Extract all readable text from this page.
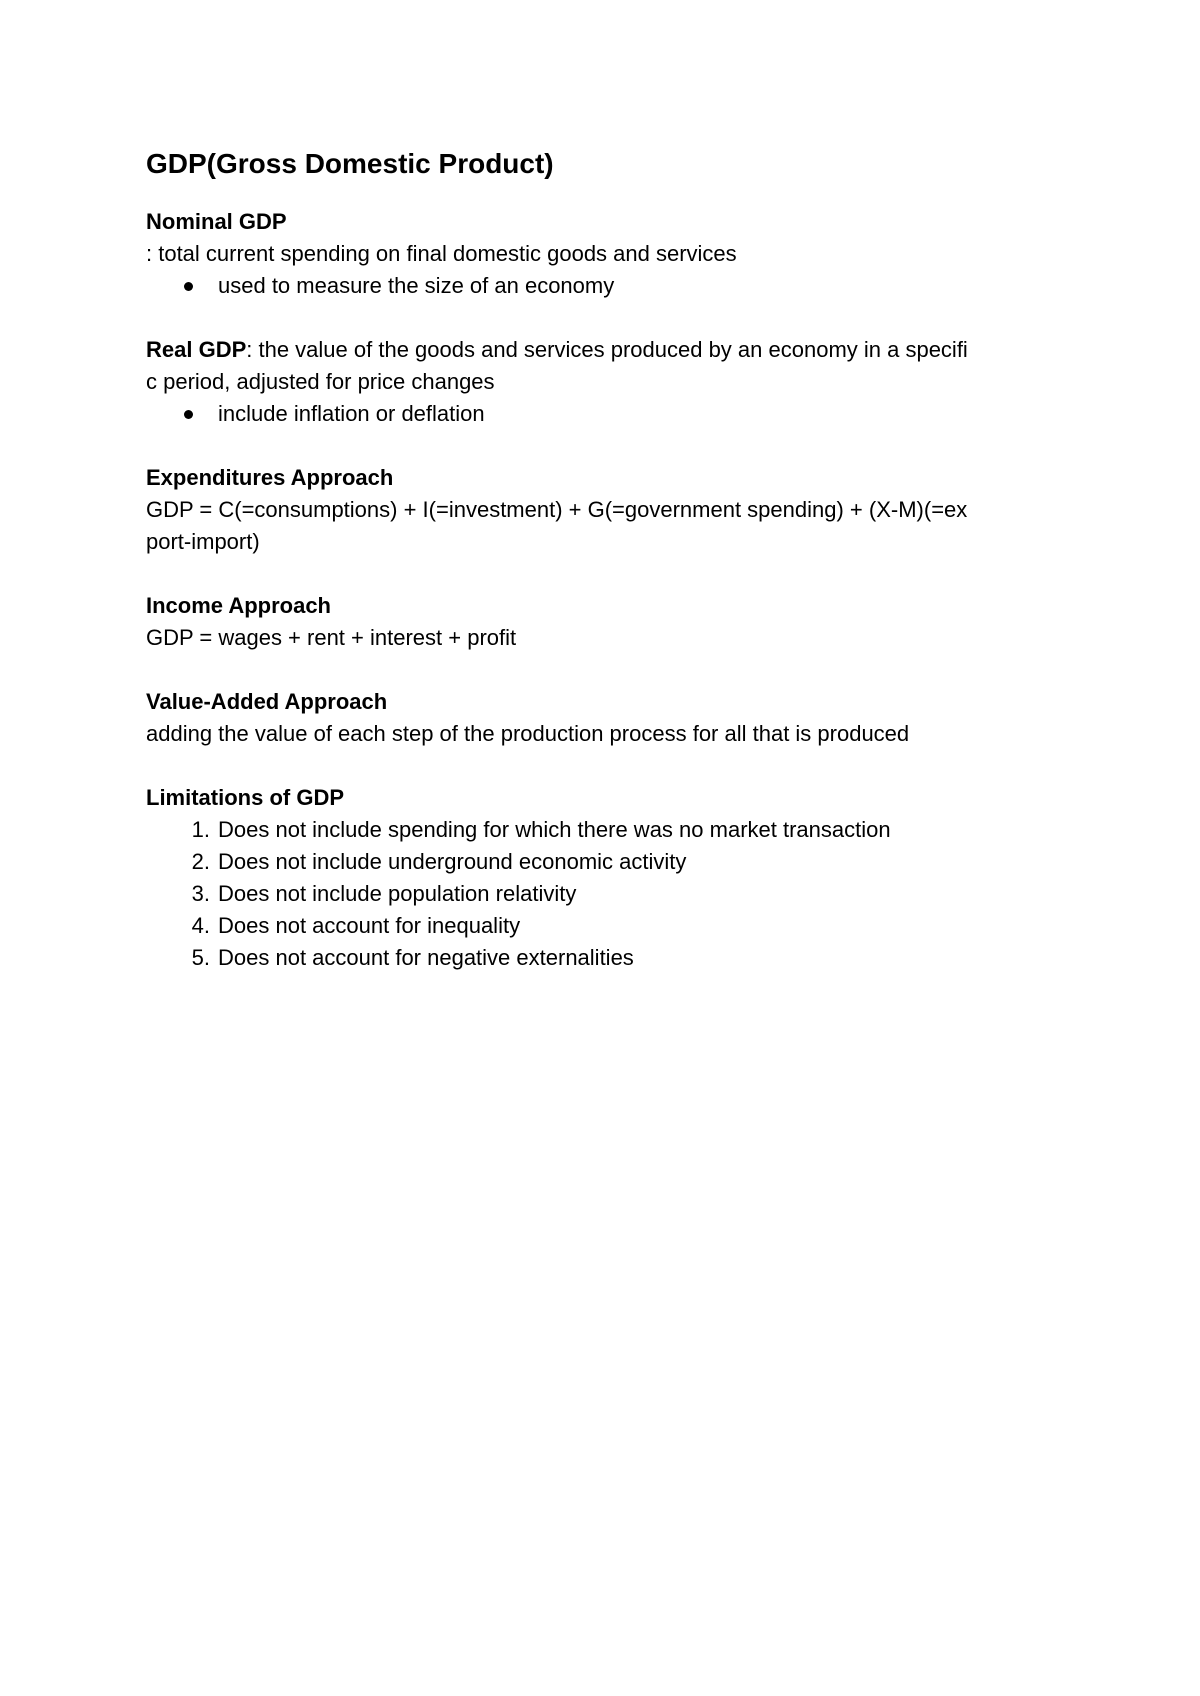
GDP(Gross Domestic Product)
Nominal GDP
: total current spending on final domestic goods and services
used to measure the size of an economy
Real GDP: the value of the goods and services produced by an economy in a specifi
c period, adjusted for price changes
include inflation or deflation
Expenditures Approach
GDP = C(=consumptions) + I(=investment) + G(=government spending) + (X-M)(=ex
port-import)
Income Approach
GDP = wages + rent + interest + profit
Value-Added Approach
adding the value of each step of the production process for all that is produced
Limitations of GDP
1. Does not include spending for which there was no market transaction
2. Does not include underground economic activity
3. Does not include population relativity
4. Does not account for inequality
5. Does not account for negative externalities
